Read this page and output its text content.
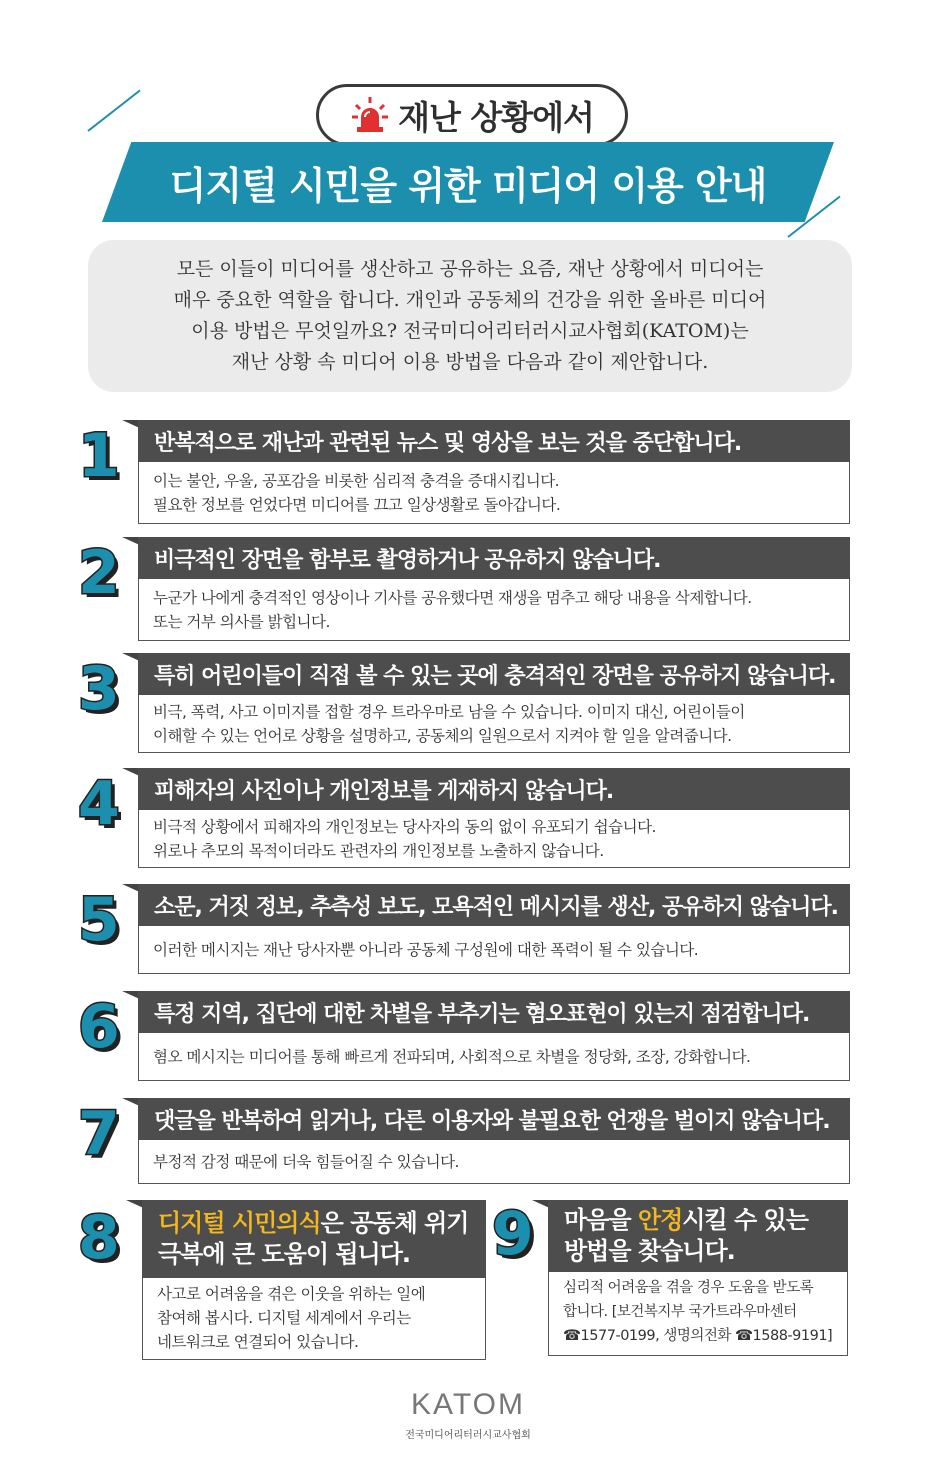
재난 상황에서
디지털 시민을 위한 미디어 이용 안내
모든 이들이 미디어를 생산하고 공유하는 요즘, 재난 상황에서 미디어는
매우 중요한 역할을 합니다. 개인과 공동체의 건강을 위한 올바른 미디어
이용 방법은 무엇일까요? 전국미디어리터러시교사협회(KATOM)는
재난 상황 속 미디어 이용 방법을 다음과 같이 제안합니다.
1	반복적으로 재난과 관련된 뉴스 및 영상을 보는 것을 중단합니다.
이는 불안, 우울, 공포감을 비롯한 심리적 충격을 증대시킵니다.
필요한 정보를 얻었다면 미디어를 끄고 일상생활로 돌아갑니다.
2	비극적인 장면을 함부로 촬영하거나 공유하지 않습니다.
누군가 나에게 충격적인 영상이나 기사를 공유했다면 재생을 멈추고 해당 내용을 삭제합니다.
또는 거부 의사를 밝힙니다.
3	특히 어린이들이 직접 볼 수 있는 곳에 충격적인 장면을 공유하지 않습니다.
비극, 폭력, 사고 이미지를 접할 경우 트라우마로 남을 수 있습니다. 이미지 대신, 어린이들이
이해할 수 있는 언어로 상황을 설명하고, 공동체의 일원으로서 지켜야 할 일을 알려줍니다.
4	피해자의 사진이나 개인정보를 게재하지 않습니다.
비극적 상황에서 피해자의 개인정보는 당사자의 동의 없이 유포되기 쉽습니다.
위로나 추모의 목적이더라도 관련자의 개인정보를 노출하지 않습니다.
5	소문, 거짓 정보, 추측성 보도, 모욕적인 메시지를 생산, 공유하지 않습니다.
이러한 메시지는 재난 당사자뿐 아니라 공동체 구성원에 대한 폭력이 될 수 있습니다.
6	특정 지역, 집단에 대한 차별을 부추기는 혐오표현이 있는지 점검합니다.
혐오 메시지는 미디어를 통해 빠르게 전파되며, 사회적으로 차별을 정당화, 조장, 강화합니다.
7	댓글을 반복하여 읽거나, 다른 이용자와 불필요한 언쟁을 벌이지 않습니다.
부정적 감정 때문에 더욱 힘들어질 수 있습니다.
8 디지털 시민의식은 공동체 위기
극복에 큰 도움이 됩니다.
사고로 어려움을 겪은 이웃을 위하는 일에
참여해 봅시다. 디지털 세계에서 우리는
네트워크로 연결되어 있습니다.
9 마음을 안정시킬 수 있는
방법을 찾습니다.
심리적 어려움을 겪을 경우 도움을 받도록
합니다. [보건복지부 국가트라우마센터
☎1577-0199, 생명의전화 ☎1588-9191]
KATOM
전국미디어리터러시교사협회
